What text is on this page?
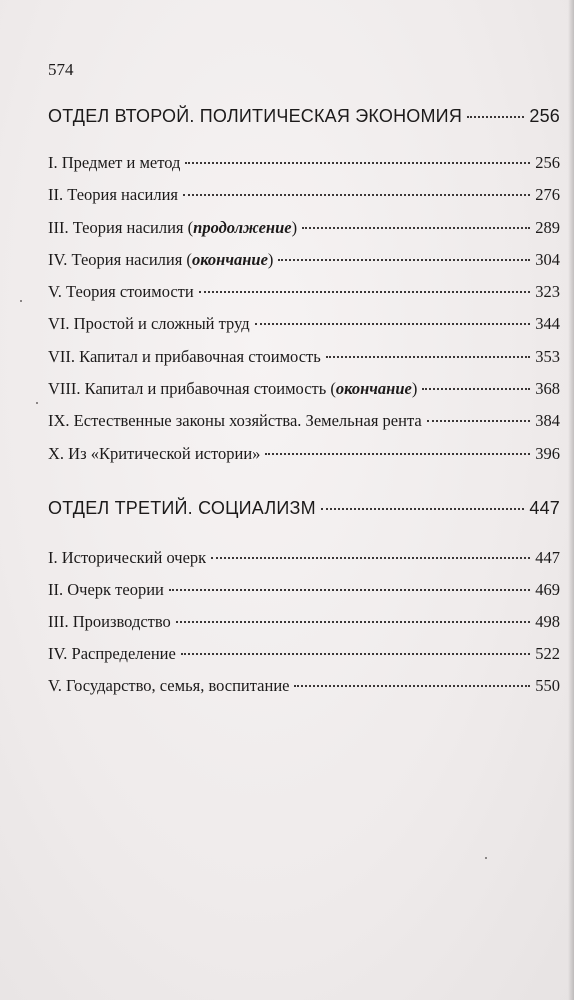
574
ОТДЕЛ ВТОРОЙ. ПОЛИТИЧЕСКАЯ ЭКОНОМИЯ	256
I. Предмет и метод	256
II. Теория насилия	276
III. Теория насилия (продолжение)	289
IV. Теория насилия (окончание)	304
V. Теория стоимости	323
VI. Простой и сложный труд	344
VII. Капитал и прибавочная стоимость	353
VIII. Капитал и прибавочная стоимость (окончание)	368
IX. Естественные законы хозяйства. Земельная рента	384
X. Из «Критической истории»	396
ОТДЕЛ ТРЕТИЙ. СОЦИАЛИЗМ	447
I. Исторический очерк	447
II. Очерк теории	469
III. Производство	498
IV. Распределение	522
V. Государство, семья, воспитание	550
